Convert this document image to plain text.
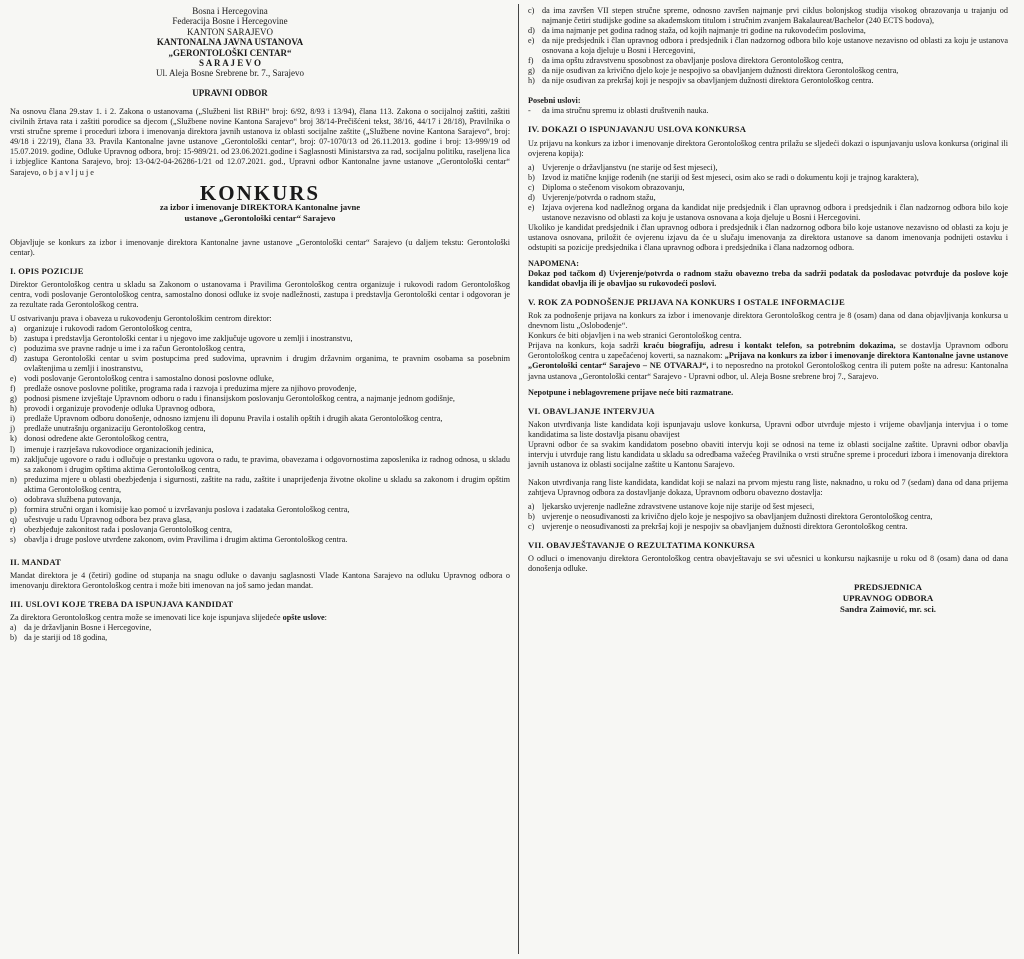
Bosna i Hercegovina
Federacija Bosne i Hercegovine
KANTON SARAJEVO
KANTONALNA JAVNA USTANOVA
„GERONTOLOŠKI CENTAR“
S A R A J E V O
Ul. Aleja Bosne Srebrene br. 7., Sarajevo
UPRAVNI ODBOR

Na osnovu člana 29.stav 1. i 2. Zakona o ustanovama („Službeni list RBiH“ broj: 6/92, 8/93 i 13/94), člana 113. Zakona o socijalnoj zaštiti, zaštiti civilnih žrtava rata i zaštiti porodice sa djecom („Službene novine Kantona Sarajevo“ broj 38/14-Prečišćeni tekst, 38/16, 44/17 i 28/18), Pravilnika o vrsti stručne spreme i proceduri izbora i imenovanja direktora javnih ustanova iz oblasti socijalne zaštite („Službene novine Kantona Sarajevo“, broj: 49/18 i 22/19), člana 33. Pravila Kantonalne javne ustanove „Gerontološki centar“, broj: 07-1070/13 od 26.11.2013. godine i broj: 13-999/19 od 15.07.2019. godine, Odluke Upravnog odbora, broj: 15-989/21. od 23.06.2021.godine i Saglasnosti Ministarstva za rad, socijalnu politiku, raseljena lica i izbjeglice Kantona Sarajevo, broj: 13-04/2-04-26286-1/21 od 12.07.2021. god., Upravni odbor Kantonalne javne ustanove „Gerontološki centar“ Sarajevo, o b j a v l j u j e

KONKURS
za izbor i imenovanje DIREKTORA Kantonalne javne
ustanove „Gerontološki centar“ Sarajevo

Objavljuje se konkurs za izbor i imenovanje direktora Kantonalne javne ustanove „Gerontološki centar“ Sarajevo (u daljem tekstu: Gerontološki centar).

I. OPIS POZICIJE

Direktor Gerontološkog centra u skladu sa Zakonom o ustanovama i Pravilima Gerontološkog centra organizuje i rukovodi radom Gerontološkog centra, vodi poslovanje Gerontološkog centra, samostalno donosi odluke iz svoje nadležnosti, zastupa i predstavlja Gerontološki centar i odgovoran je za rezultate rada Gerontološkog centra.

U ostvarivanju prava i obaveza u rukovođenju Gerontološkim centrom direktor:
a) organizuje i rukovodi radom Gerontološkog centra,
b) zastupa i predstavlja Gerontološki centar i u njegovo ime zaključuje ugovore u zemlji i inostranstvu,
c) poduzima sve pravne radnje u ime i za račun Gerontološkog centra,
d) zastupa Gerontološki centar u svim postupcima pred sudovima, upravnim i drugim državnim organima, te pravnim osobama sa posebnim ovlaštenjima u zemlji i inostranstvu,
e) vodi poslovanje Gerontološkog centra i samostalno donosi poslovne odluke,
f)	predlaže osnove poslovne politike, programa rada i razvoja i preduzima mjere za njihovo provođenje,
g) podnosi pismene izvještaje Upravnom odboru o radu i finansijskom poslovanju Gerontološkog centra, a najmanje jednom godišnje,
h) provodi i organizuje provođenje odluka Upravnog odbora,
i)	predlaže Upravnom odboru donošenje, odnosno izmjenu ili dopunu Pravila i ostalih opštih i drugih akata Gerontološkog centra,
j)	predlaže unutrašnju organizaciju Gerontološkog centra,
k) donosi određene akte Gerontološkog centra,
l)	imenuje i razrješava rukovodioce organizacionih jedinica,
m) zaključuje ugovore o radu i odlučuje o prestanku ugovora o radu, te pravima, obavezama i odgovornostima zaposlenika iz radnog odnosa, u skladu sa zakonom i drugim opštima aktima Gerontološkog centra,
n) preduzima mjere u oblasti obezbjeđenja i sigurnosti, zaštite na radu, zaštite i unaprijeđenja životne okoline u skladu sa zakonom i drugim opštim aktima Gerontološkog centra,
o) odobrava službena putovanja,
p) formira stručni organ i komisije kao pomoć u izvršavanju poslova i zadataka Gerontološkog centra,
q) učestvuje u radu Upravnog odbora bez prava glasa,
r)	obezbjeđuje zakonitost rada i poslovanja Gerontološkog centra,
s) obavlja i druge poslove utvrđene zakonom, ovim Pravilima i drugim aktima Gerontološkog centra.
II. MANDAT

Mandat direktora je 4 (četiri) godine od stupanja na snagu odluke o davanju saglasnosti Vlade Kantona Sarajevo na odluku Upravnog odbora o imenovanju direktora Gerontološkog centra i može biti imenovan na još samo jedan mandat.

III. USLOVI KOJE TREBA DA ISPUNJAVA KANDIDAT
Za direktora Gerontološkog centra može se imenovati lice koje ispunjava slijedeće opšte uslove:
a) da je državljanin Bosne i Hercegovine,
b) da je stariji od 18 godina,
c) da ima završen VII stepen stručne spreme, odnosno završen najmanje prvi ciklus bolonjskog studija visokog obrazovanja u trajanju od najmanje četiri studijske godine sa akademskom titulom i stručnim zvanjem Bakalaureat/Bachelor (240 ECTS bodova),
d) da ima najmanje pet godina radnog staža, od kojih najmanje tri godine na rukovodećim poslovima,
e) da nije predsjednik i član upravnog odbora i predsjednik i član nadzornog odbora bilo koje ustanove nezavisno od oblasti za koju je ustanova osnovana a koja djeluje u Bosni i Hercegovini,
f)	da ima opštu zdravstvenu sposobnost za obavljanje poslova direktora Gerontološkog centra,
g) da nije osuđivan za krivično djelo koje je nespojivo sa obavljanjem dužnosti direktora Gerontološkog centra,
h) da nije osuđivan za prekršaj koji je nespojiv sa obavljanjem dužnosti direktora Gerontološkog centra.
Posebni uslovi:
-	da ima stručnu spremu iz oblasti društvenih nauka.
IV. DOKAZI O ISPUNJAVANJU USLOVA KONKURSA

Uz prijavu na konkurs za izbor i imenovanje direktora Gerontološkog centra prilažu se sljedeći dokazi o ispunjavanju uslova konkursa (original ili ovjerena kopija):

a) Uvjerenje o državljanstvu (ne starije od šest mjeseci),
b) Izvod iz matične knjige rođenih (ne stariji od šest mjeseci, osim ako se radi o dokumentu koji je trajnog karaktera),
c) Diploma o stečenom visokom obrazovanju,
d) Uvjerenje/potvrda o radnom stažu,
e) Izjava ovjerena kod nadležnog organa da kandidat nije predsjednik i član upravnog odbora i predsjednik i član nadzornog odbora bilo koje ustanove nezavisno od oblasti za koju je ustanova osnovana a koja djeluje u Bosni i Hercegovini.

Ukoliko je kandidat predsjednik i član upravnog odbora i predsjednik i član nadzornog odbora bilo koje ustanove nezavisno od oblasti za koju je ustanova osnovana, priložit će ovjerenu izjavu da će u slučaju imenovanja za direktora ustanove sa danom imenovanja podnijeti ostavku i odstupiti sa pozicije predsjednika i člana upravnog odbora i predsjednika i člana nadzornog odbora.

NAPOMENA:

Dokaz pod tačkom d) Uvjerenje/potvrda o radnom stažu obavezno treba da sadrži podatak da poslodavac potvrđuje da poslove koje kandidat obavlja ili je obavljao su rukovodeći poslovi.

V. ROK ZA PODNOŠENJE PRIJAVA NA KONKURS I OSTALE INFORMACIJE
Rok za podnošenje prijava na konkurs za izbor i imenovanje direktora Gerontološkog centra je 8 (osam) dana od dana objavljivanja konkursa u dnevnom listu „Oslobođenje“.
Konkurs će biti objavljen i na web stranici Gerontološkog centra.

Prijava na konkurs, koja sadrži kraću biografiju, adresu i kontakt telefon, sa potrebnim dokazima, se dostavlja Upravnom odboru Gerontološkog centra u zapečaćenoj koverti, sa naznakom: „Prijava na konkurs za izbor i imenovanje direktora Kantonalne javne ustanove „Gerontološki centar“ Sarajevo – NE OTVARAJ“, i to neposredno na protokol Gerontološkog centra ili putem pošte na adresu: Kantonalna javna ustanova „Gerontološki centar“ Sarajevo - Upravni odbor, ul. Aleja Bosne srebrene broj 7., Sarajevo.

Nepotpune i neblagovremene prijave neće biti razmatrane.
VI. OBAVLJANJE INTERVJUA

Nakon utvrđivanja liste kandidata koji ispunjavaju uslove konkursa, Upravni odbor utvrđuje mjesto i vrijeme obavljanja intervjua i o tome kandidatima sa liste dostavlja pisanu obavijest

Upravni odbor će sa svakim kandidatom posebno obaviti intervju koji se odnosi na teme iz oblasti socijalne zaštite. Upravni odbor obavlja intervju i utvrđuje rang listu kandidata u skladu sa odredbama važećeg Pravilnika o vrsti stručne spreme i proceduri izbora i imenovanja direktora javnih ustanova iz oblasti socijalne zaštite u Kantonu Sarajevo.

Nakon utvrđivanja rang liste kandidata, kandidat koji se nalazi na prvom mjestu rang liste, naknadno, u roku od 7 (sedam) dana od dana prijema zahtjeva Upravnog odbora za dostavljanje dokaza, Upravnom odboru obavezno dostavlja:

a) ljekarsko uvjerenje nadležne zdravstvene ustanove koje nije starije od šest mjeseci,
b) uvjerenje o neosuđivanosti za krivično djelo koje je nespojivo sa obavljanjem dužnosti direktora Gerontološkog centra,
c) uvjerenje o neosuđivanosti za prekršaj koji je nespojiv sa obavljanjem dužnosti direktora Gerontološkog centra.
VII. OBAVJEŠTAVANJE O REZULTATIMA KONKURSA

O odluci o imenovanju direktora Gerontološkog centra obavještavaju se svi učesnici u konkursu najkasnije u roku od 8 (osam) dana od dana donošenja odluke.

PREDSJEDNICA
UPRAVNOG ODBORA
Sandra Zaimović, mr. sci.
